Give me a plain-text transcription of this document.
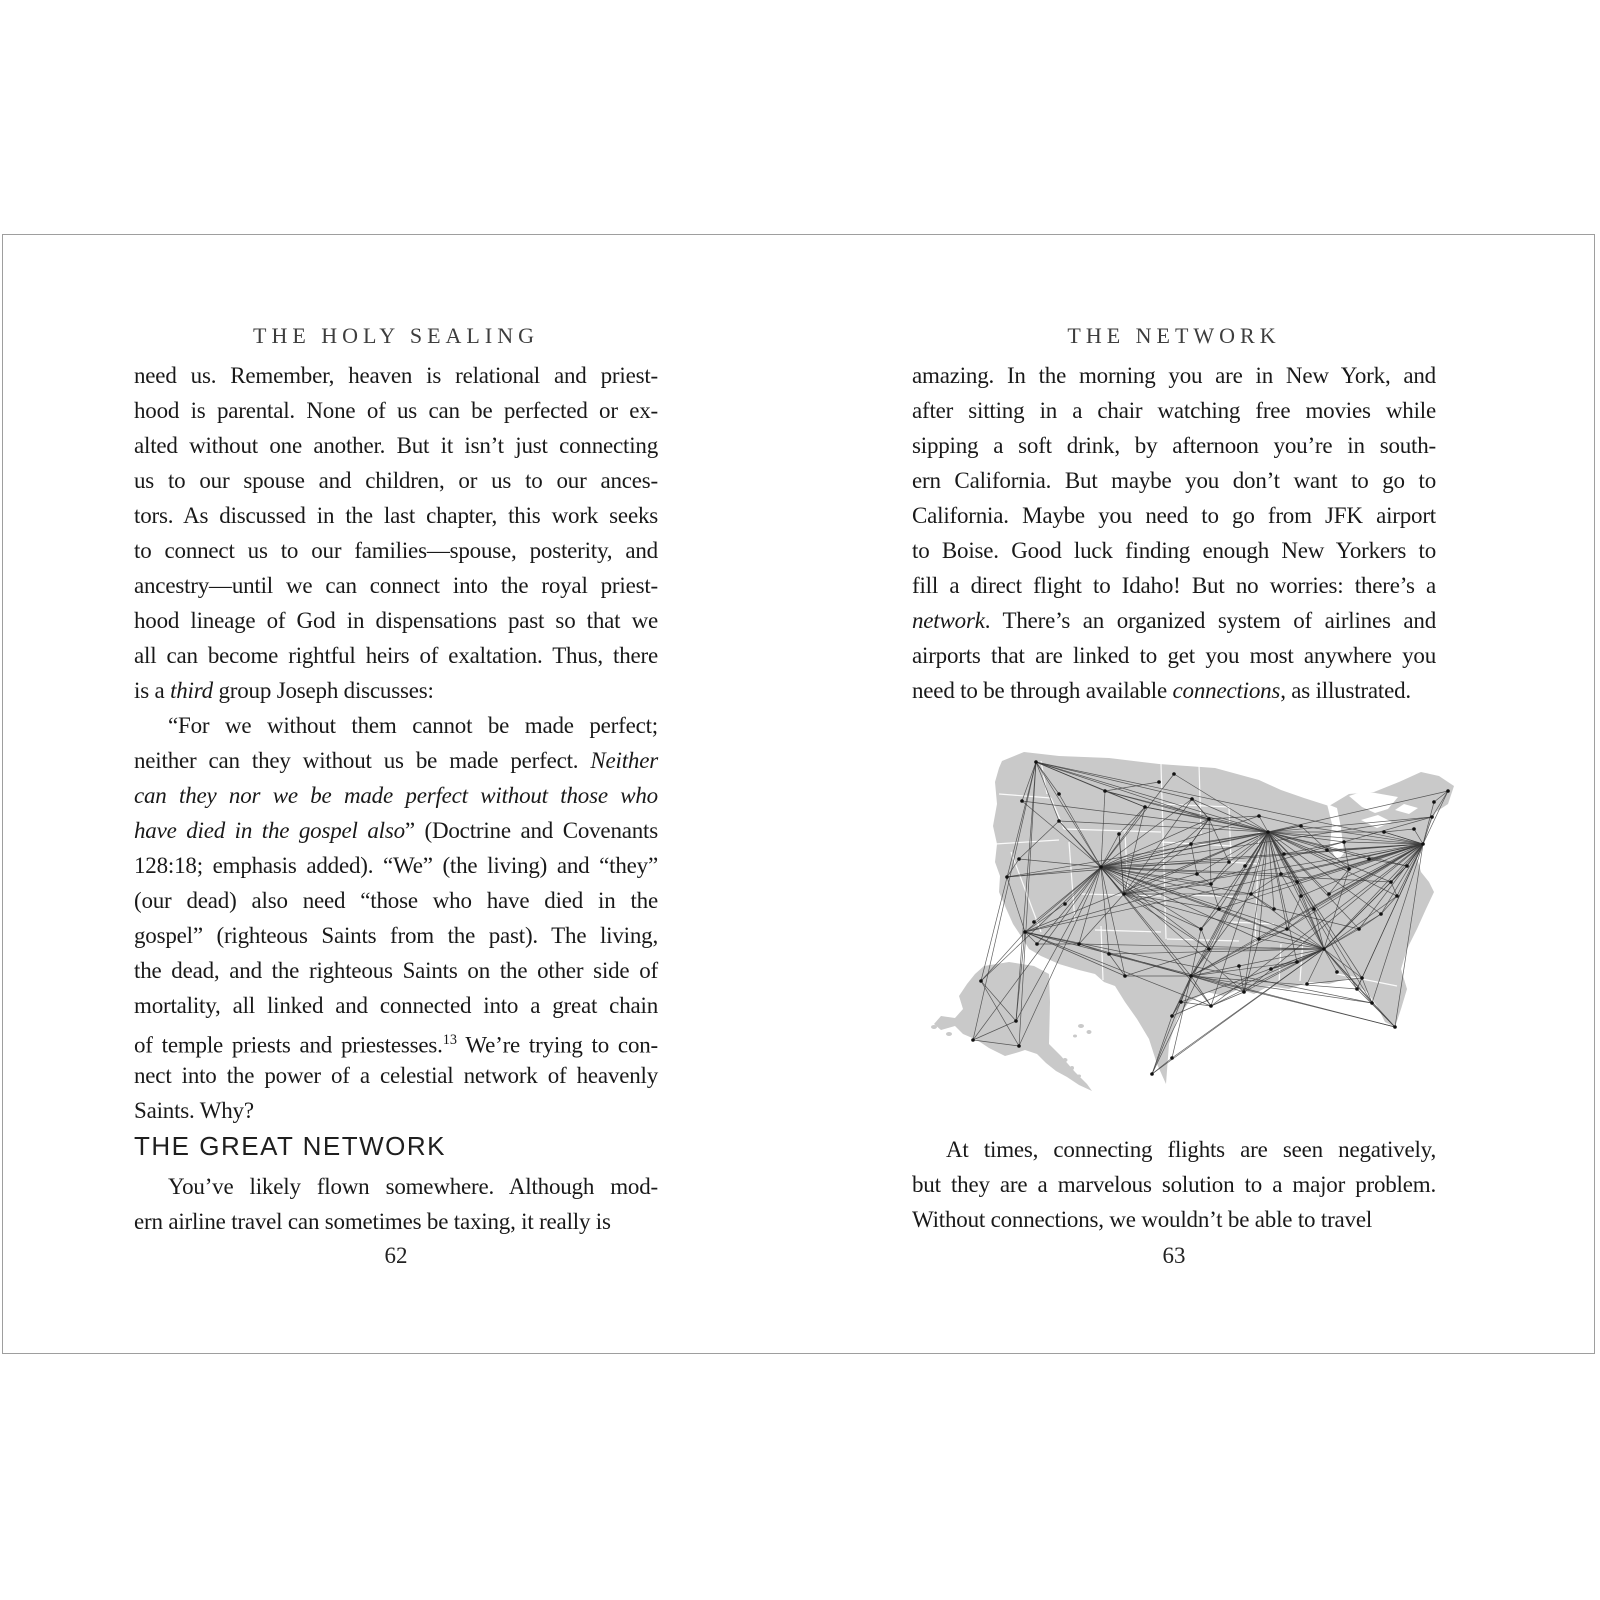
THE HOLY SEALING
need us. Remember, heaven is relational and priest-
hood is parental. None of us can be perfected or ex-
alted without one another. But it isn’t just connecting
us to our spouse and children, or us to our ances-
tors. As discussed in the last chapter, this work seeks
to connect us to our families—spouse, posterity, and
ancestry—until we can connect into the royal priest-
hood lineage of God in dispensations past so that we
all can become rightful heirs of exaltation. Thus, there
is a third group Joseph discusses:
“For we without them cannot be made perfect;
neither can they without us be made perfect. Neither
can they nor we be made perfect without those who
have died in the gospel also” (Doctrine and Covenants
128:18; emphasis added). “We” (the living) and “they”
(our dead) also need “those who have died in the
gospel” (righteous Saints from the past). The living,
the dead, and the righteous Saints on the other side of
mortality, all linked and connected into a great chain
of temple priests and priestesses.$^{13}$ We’re trying to con-
nect into the power of a celestial network of heavenly
Saints. Why?
THE GREAT NETWORK
You’ve likely flown somewhere. Although mod-
ern airline travel can sometimes be taxing, it really is
62
THE NETWORK
amazing. In the morning you are in New York, and
after sitting in a chair watching free movies while
sipping a soft drink, by afternoon you’re in south-
ern California. But maybe you don’t want to go to
California. Maybe you need to go from JFK airport
to Boise. Good luck finding enough New Yorkers to
fill a direct flight to Idaho! But no worries: there’s a
network. There’s an organized system of airlines and
airports that are linked to get you most anywhere you
need to be through available connections, as illustrated.
At times, connecting flights are seen negatively,
but they are a marvelous solution to a major problem.
Without connections, we wouldn’t be able to travel
63
